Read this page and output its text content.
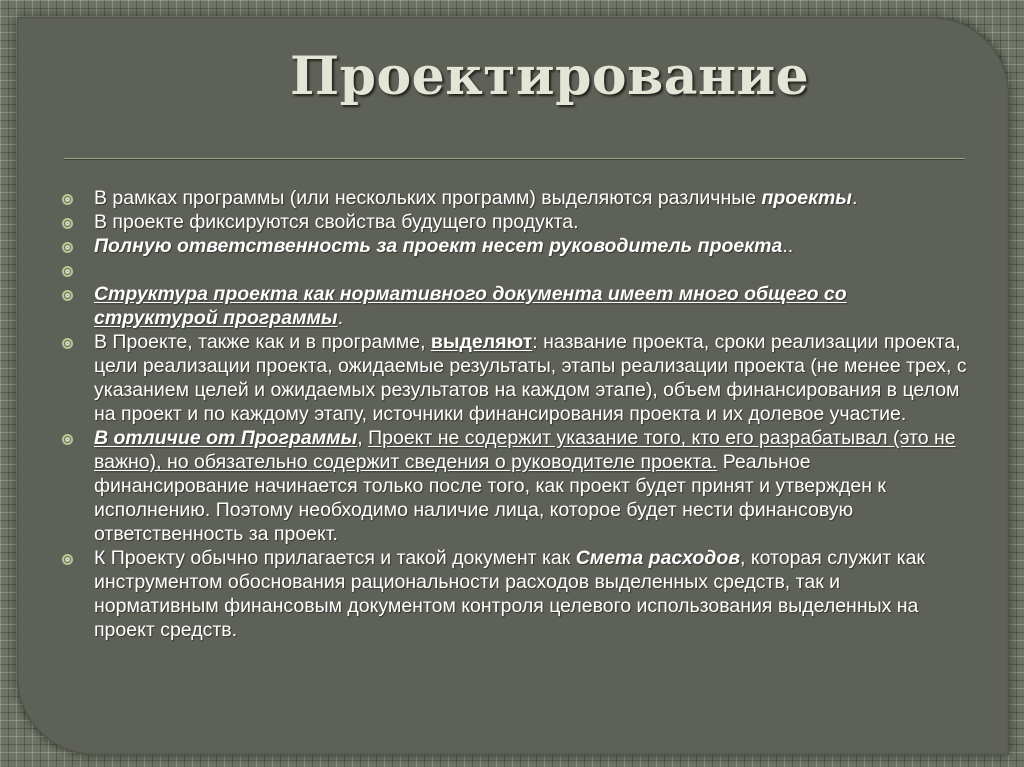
Проектирование
В рамках программы (или нескольких программ) выделяются различные проекты.
В проекте фиксируются свойства будущего продукта.
Полную ответственность за проект несет руководитель проекта..
Структура проекта как нормативного документа имеет много общего со структурой программы.
В Проекте, также как и в программе, выделяют: название проекта, сроки реализации проекта, цели реализации проекта, ожидаемые результаты, этапы реализации проекта (не менее трех, с указанием целей и ожидаемых результатов на каждом этапе), объем финансирования в целом на проект и по каждому этапу, источники финансирования проекта и их долевое участие.
В отличие от Программы, Проект не содержит указание того, кто его разрабатывал (это не важно), но обязательно содержит сведения о руководителе проекта. Реальное финансирование начинается только после того, как проект будет принят и утвержден к исполнению. Поэтому необходимо наличие лица, которое будет нести финансовую ответственность за проект.
К Проекту обычно прилагается и такой документ как Смета расходов, которая служит как инструментом обоснования рациональности расходов выделенных средств, так и нормативным финансовым документом контроля целевого использования выделенных на проект средств.
